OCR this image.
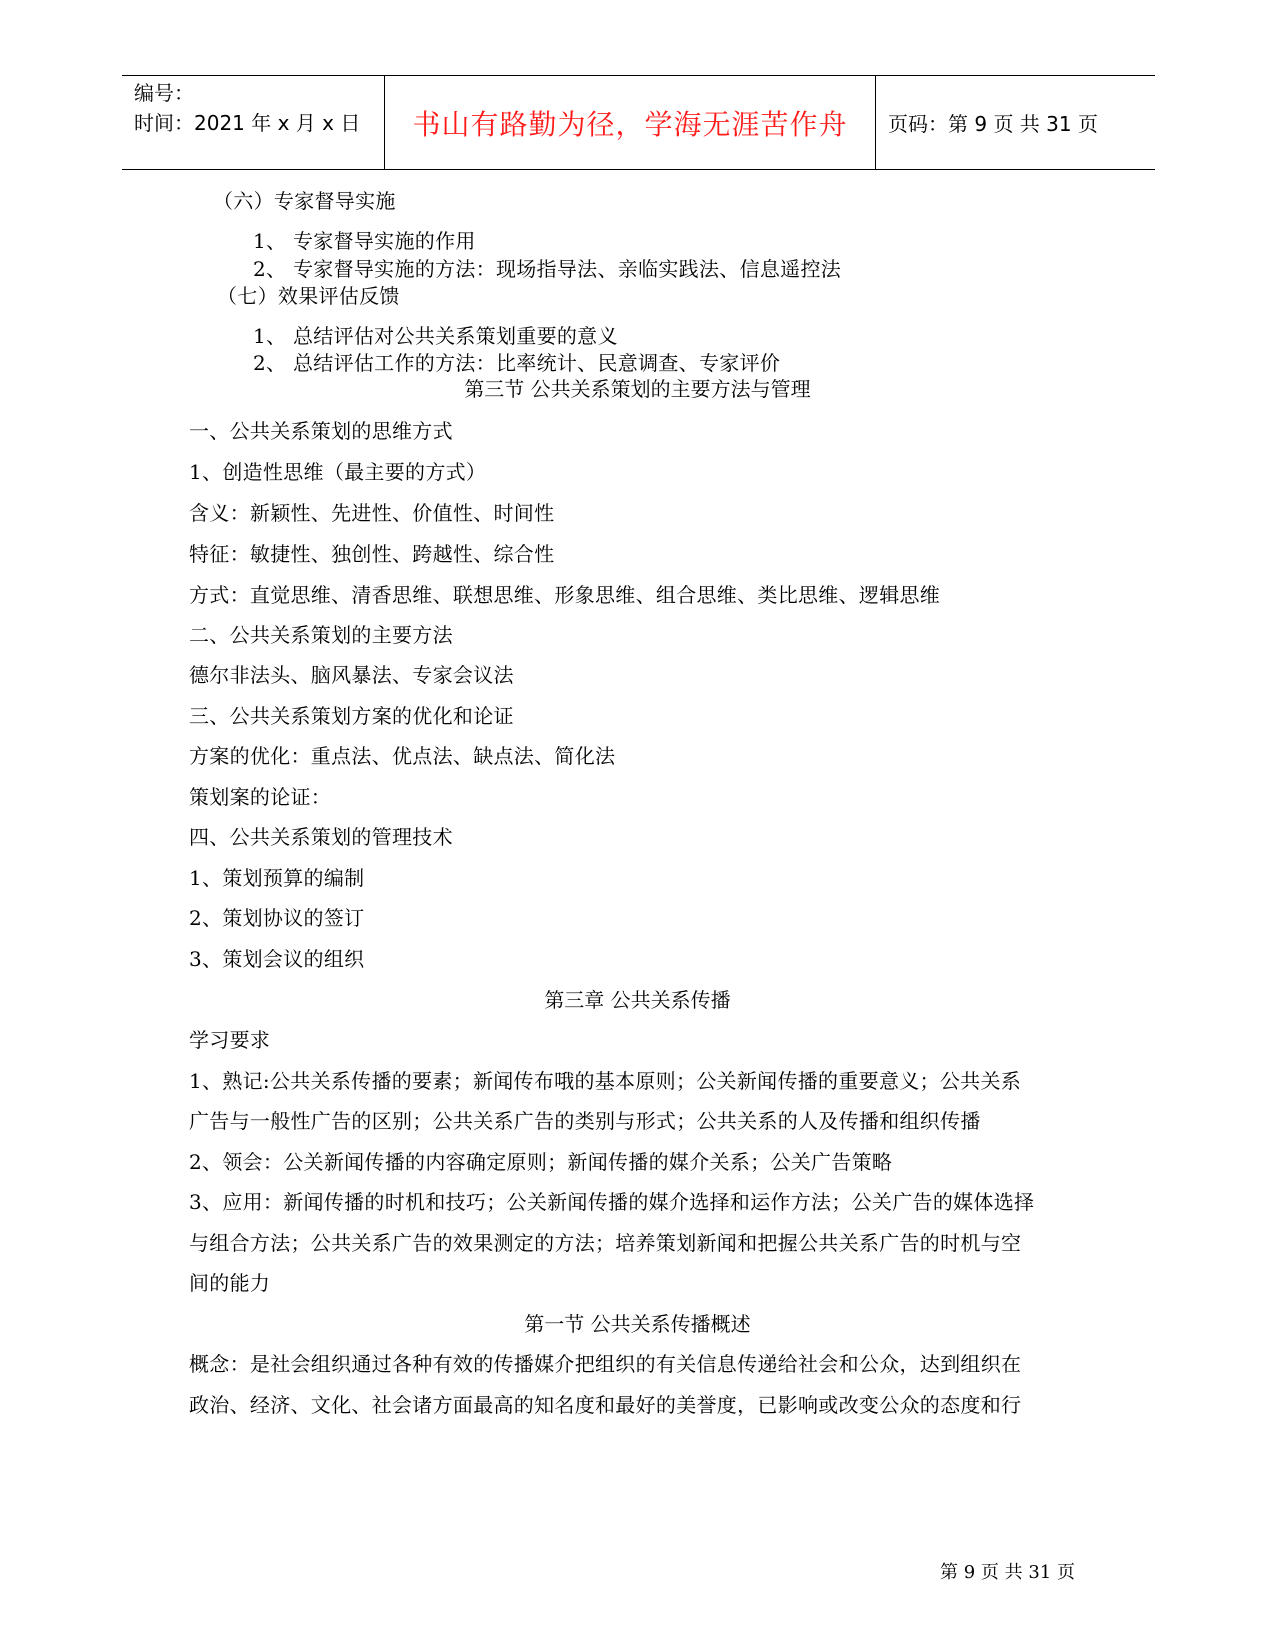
编号：
时间：2021 年 x 月 x 日	书山有路勤为径，学海无涯苦作舟	页码：第 9 页 共 31 页
（六）专家督导实施
1、 专家督导实施的作用
2、 专家督导实施的方法：现场指导法、亲临实践法、信息遥控法
（七）效果评估反馈
1、 总结评估对公共关系策划重要的意义
2、 总结评估工作的方法：比率统计、民意调查、专家评价
第三节 公共关系策划的主要方法与管理
一、公共关系策划的思维方式
1、创造性思维（最主要的方式）
含义：新颖性、先进性、价值性、时间性
特征：敏捷性、独创性、跨越性、综合性
方式：直觉思维、清香思维、联想思维、形象思维、组合思维、类比思维、逻辑思维
二、公共关系策划的主要方法
德尔非法头、脑风暴法、专家会议法
三、公共关系策划方案的优化和论证
方案的优化：重点法、优点法、缺点法、简化法
策划案的论证：
四、公共关系策划的管理技术
1、策划预算的编制
2、策划协议的签订
3、策划会议的组织
第三章 公共关系传播
学习要求
1、熟记:公共关系传播的要素；新闻传布哦的基本原则；公关新闻传播的重要意义；公共关系
广告与一般性广告的区别；公共关系广告的类别与形式；公共关系的人及传播和组织传播
2、领会：公关新闻传播的内容确定原则；新闻传播的媒介关系；公关广告策略
3、应用：新闻传播的时机和技巧；公关新闻传播的媒介选择和运作方法；公关广告的媒体选择
与组合方法；公共关系广告的效果测定的方法；培养策划新闻和把握公共关系广告的时机与空
间的能力
第一节 公共关系传播概述
概念：是社会组织通过各种有效的传播媒介把组织的有关信息传递给社会和公众，达到组织在
政治、经济、文化、社会诸方面最高的知名度和最好的美誉度，已影响或改变公众的态度和行
第 9 页 共 31 页
